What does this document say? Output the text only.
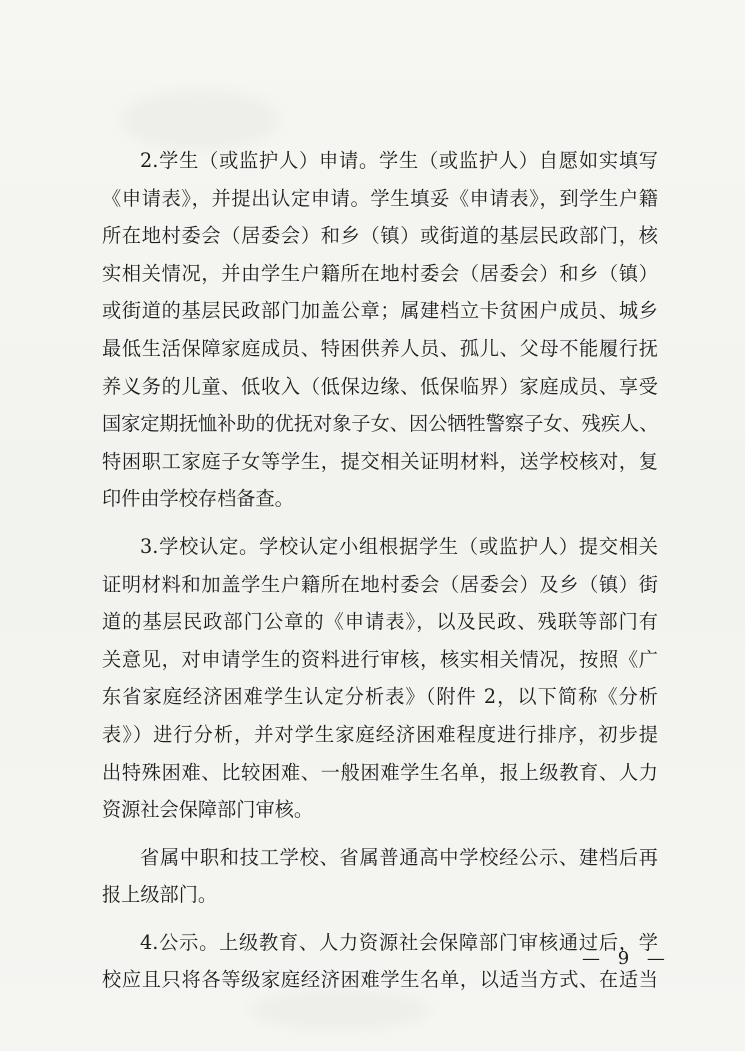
2.学生（或监护人）申请。学生（或监护人）自愿如实填写
《申请表》，并提出认定申请。学生填妥《申请表》，到学生户籍
所在地村委会（居委会）和乡（镇）或街道的基层民政部门，核
实相关情况，并由学生户籍所在地村委会（居委会）和乡（镇）
或街道的基层民政部门加盖公章；属建档立卡贫困户成员、城乡
最低生活保障家庭成员、特困供养人员、孤儿、父母不能履行抚
养义务的儿童、低收入（低保边缘、低保临界）家庭成员、享受
国家定期抚恤补助的优抚对象子女、因公牺牲警察子女、残疾人、
特困职工家庭子女等学生，提交相关证明材料，送学校核对，复
印件由学校存档备查。
3.学校认定。学校认定小组根据学生（或监护人）提交相关
证明材料和加盖学生户籍所在地村委会（居委会）及乡（镇）街
道的基层民政部门公章的《申请表》，以及民政、残联等部门有
关意见，对申请学生的资料进行审核，核实相关情况，按照《广
东省家庭经济困难学生认定分析表》（附件 2，以下简称《分析
表》）进行分析，并对学生家庭经济困难程度进行排序，初步提
出特殊困难、比较困难、一般困难学生名单，报上级教育、人力
资源社会保障部门审核。
省属中职和技工学校、省属普通高中学校经公示、建档后再
报上级部门。
4.公示。上级教育、人力资源社会保障部门审核通过后，学
校应且只将各等级家庭经济困难学生名单，以适当方式、在适当
— 9 —
